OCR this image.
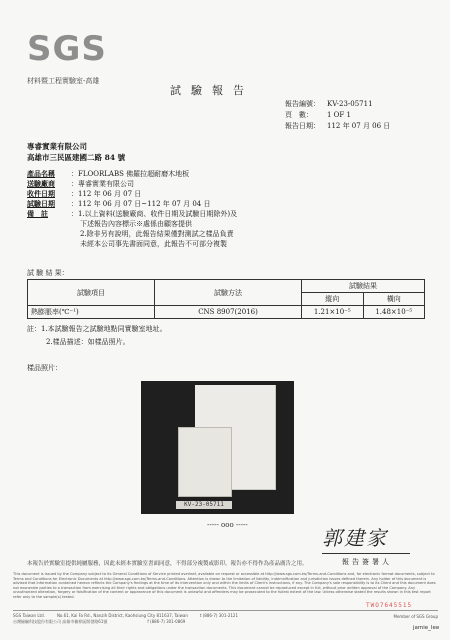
SGS
材料暨工程實驗室-高雄
試驗報告
報告編號：	KV-23-05711
頁　數：	1 OF 1
報告日期：	112 年 07 月 06 日
專睿實業有限公司
高雄市三民區建國二路 84 號
產品名稱	：FLOORLABS 佛羅拉超耐磨木地板
送驗廠商	：專睿實業有限公司
收件日期	：112 年 06 月 07 日
試驗日期	：112 年 06 月 07 日~112 年 07 月 04 日
備　註	：1.以上資料(送驗廠商、收件日期及試驗日期除外)及
下述報告內容標示※處係由顧客提供
2.除非另有說明，此報告結果僅對測試之樣品負責
未經本公司事先書面同意，此報告不可部分複製
試 驗 結 果：
試驗項目	試驗方法	試驗結果	
		縱向	橫向
熱膨脹率(℃⁻¹)	CNS 8907(2016)	1.21×10⁻⁵	1.48×10⁻⁵
註：1.本試驗報告之試驗地點同實驗室地址。
2.樣品描述：如樣品照片。
樣品照片：
KV-23-05711
----- ooo -----
郭建家
報告簽署人
本報告於實驗室提供純屬服務，因此未經本實驗室書面同意，不得部分複製或影印。報告亦不得作為產品廣告之用。
This document is issued by the Company subject to its General Conditions of Service printed overleaf, available on request or accessible at http://www.sgs.com.tw/Terms-and-Conditions and, for electronic format documents, subject to Terms and Conditions for Electronic Documents at http://www.sgs.com.tw/Terms-and-Conditions. Attention is drawn to the limitation of liability, indemnification and jurisdiction issues defined therein. Any holder of this document is advised that information contained hereon reflects the Company's findings at the time of its intervention only and within the limits of Client's instructions, if any. The Company's sole responsibility is to its Client and this document does not exonerate parties to a transaction from exercising all their rights and obligations under the transaction documents. This document cannot be reproduced except in full, without prior written approval of the Company. Any unauthorized alteration, forgery or falsification of the content or appearance of this document is unlawful and offenders may be prosecuted to the fullest extent of the law. Unless otherwise stated the results shown in this test report refer only to the sample(s) tested.
TWO7645515
SGS Taiwan Ltd.	No.61, Kai Fa Rd., Nanzih District, Kaohsiung City 811637, Taiwan	t (886-7) 301-2121
台灣檢驗科技股份有限公司 高雄市楠梓區開發路61號	f (886-7) 301-0869
Member of SGS Group
jamie_lee
